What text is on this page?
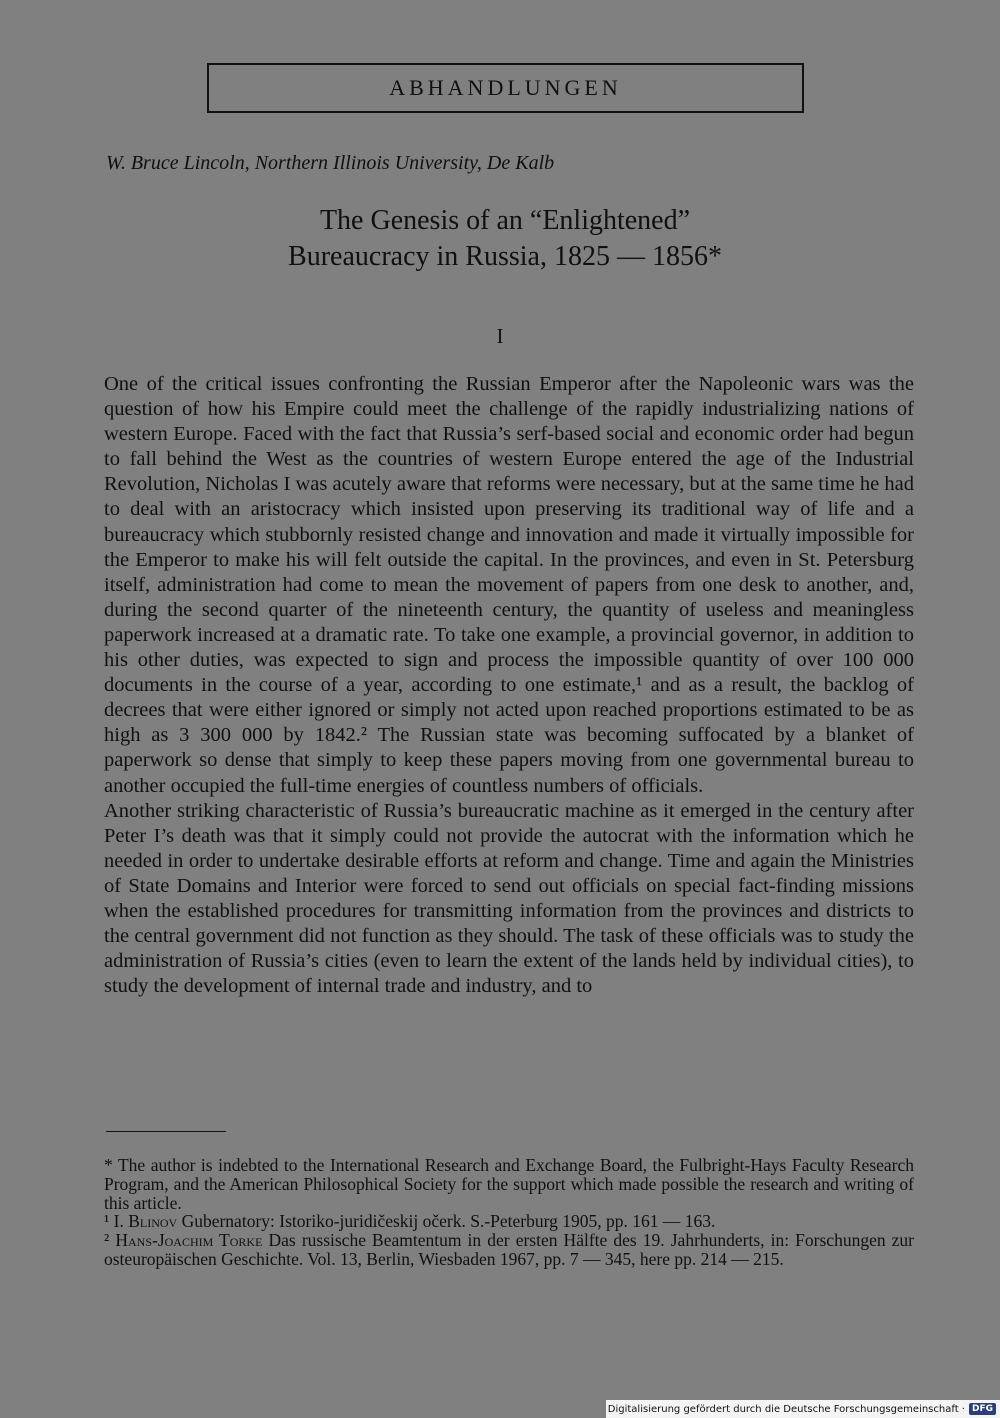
ABHANDLUNGEN
W. Bruce Lincoln, Northern Illinois University, De Kalb
The Genesis of an “Enlightened”
Bureaucracy in Russia, 1825 — 1856*
I

One of the critical issues confronting the Russian Emperor after the Napoleonic wars was the question of how his Empire could meet the challenge of the rapidly industrializing nations of western Europe. Faced with the fact that Russia’s serf-based social and economic order had begun to fall behind the West as the countries of western Europe entered the age of the Industrial Revolution, Nicholas I was acutely aware that reforms were necessary, but at the same time he had to deal with an aristocracy which insisted upon preserving its traditional way of life and a bureaucracy which stubbornly resisted change and innovation and made it virtually impossible for the Emperor to make his will felt outside the capital. In the provinces, and even in St. Petersburg itself, administration had come to mean the movement of papers from one desk to another, and, during the second quarter of the nineteenth century, the quantity of useless and meaningless paperwork increased at a dramatic rate. To take one example, a provincial governor, in addition to his other duties, was expected to sign and process the impossible quantity of over 100 000 documents in the course of a year, according to one estimate,¹ and as a result, the backlog of decrees that were either ignored or simply not acted upon reached proportions estimated to be as high as 3 300 000 by 1842.² The Russian state was becoming suffocated by a blanket of paperwork so dense that simply to keep these papers moving from one governmental bureau to another occupied the full-time energies of countless numbers of officials.

Another striking characteristic of Russia’s bureaucratic machine as it emerged in the century after Peter I’s death was that it simply could not provide the autocrat with the information which he needed in order to undertake desirable efforts at reform and change. Time and again the Ministries of State Domains and Interior were forced to send out officials on special fact-finding missions when the established procedures for transmitting information from the provinces and districts to the central government did not function as they should. The task of these officials was to study the administration of Russia’s cities (even to learn the extent of the lands held by individual cities), to study the development of internal trade and industry, and to

* The author is indebted to the International Research and Exchange Board, the Fulbright-Hays Faculty Research Program, and the American Philosophical Society for the support which made possible the research and writing of this article.

¹ I. Blinov Gubernatory: Istoriko-juridičeskij očerk. S.-Peterburg 1905, pp. 161 — 163.

² Hans-Joachim Torke Das russische Beamtentum in der ersten Hälfte des 19. Jahrhunderts, in: Forschungen zur osteuropäischen Geschichte. Vol. 13, Berlin, Wiesbaden 1967, pp. 7 — 345, here pp. 214 — 215.

Digitalisierung gefördert durch die Deutsche Forschungsgemeinschaft · DFG
